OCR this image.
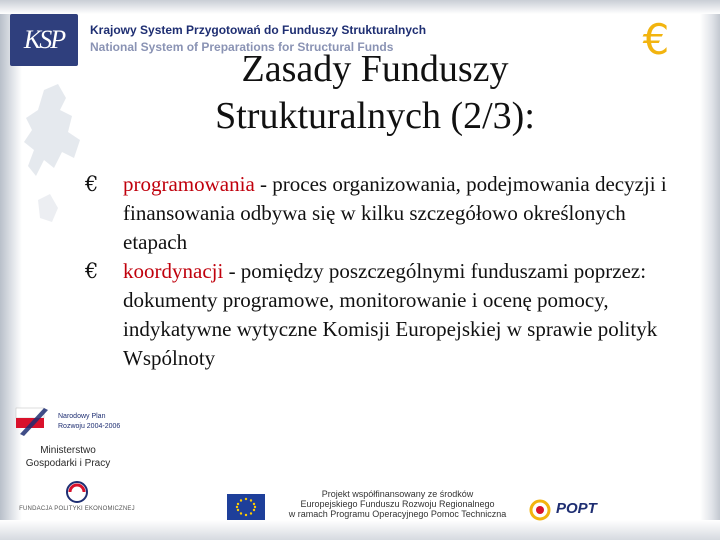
KSP	Krajowy System Przygotowań do Funduszy Strukturalnych
National System of Preparations for Structural Funds	€
Zasady Funduszy Strukturalnych (2/3):
€	programowania - proces organizowania, podejmowania decyzji i finansowania odbywa się w kilku szczegółowo określonych etapach
€	koordynacji - pomiędzy poszczególnymi funduszami poprzez: dokumenty programowe, monitorowanie i ocenę pomocy, indykatywne wytyczne Komisji Europejskiej w sprawie polityk Wspólnoty
Narodowy Plan
Rozwoju 2004-2006
Ministerstwo
Gospodarki i Pracy
FUNDACJA POLITYKI EKONOMICZNEJ
Projekt współfinansowany ze środków
Europejskiego Funduszu Rozwoju Regionalnego
w ramach Programu Operacyjnego Pomoc Techniczna	POPT
